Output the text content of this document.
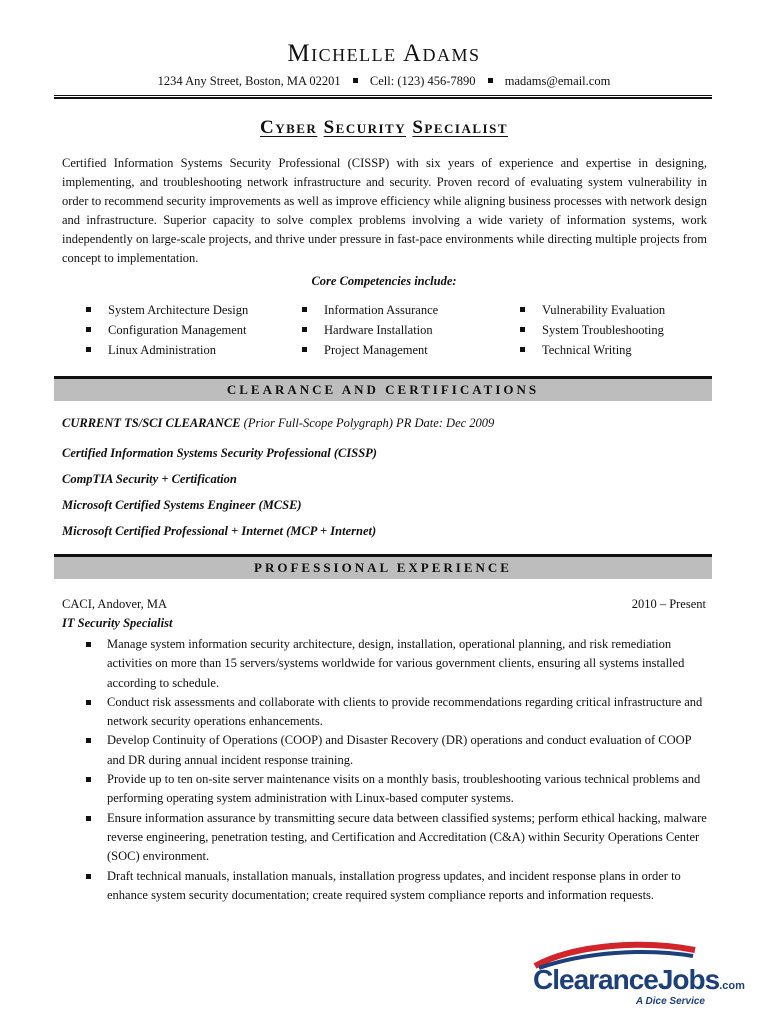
Michelle Adams
1234 Any Street, Boston, MA 02201 Cell: (123) 456-7890 madams@email.com
Cyber Security Specialist

Certified Information Systems Security Professional (CISSP) with six years of experience and expertise in designing, implementing, and troubleshooting network infrastructure and security. Proven record of evaluating system vulnerability in order to recommend security improvements as well as improve efficiency while aligning business processes with network design and infrastructure. Superior capacity to solve complex problems involving a wide variety of information systems, work independently on large-scale projects, and thrive under pressure in fast-pace environments while directing multiple projects from concept to implementation.

Core Competencies include:
System Architecture Design
Configuration Management
Linux Administration
Information Assurance
Hardware Installation
Project Management
Vulnerability Evaluation
System Troubleshooting
Technical Writing
CLEARANCE AND CERTIFICATIONS
CURRENT TS/SCI CLEARANCE (Prior Full-Scope Polygraph) PR Date: Dec 2009
Certified Information Systems Security Professional (CISSP)
CompTIA Security + Certification
Microsoft Certified Systems Engineer (MCSE)
Microsoft Certified Professional + Internet (MCP + Internet)
PROFESSIONAL EXPERIENCE
CACI, Andover, MA	2010 – Present
IT Security Specialist
Manage system information security architecture, design, installation, operational planning, and risk remediation activities on more than 15 servers/systems worldwide for various government clients, ensuring all systems installed according to schedule.
Conduct risk assessments and collaborate with clients to provide recommendations regarding critical infrastructure and network security operations enhancements.
Develop Continuity of Operations (COOP) and Disaster Recovery (DR) operations and conduct evaluation of COOP and DR during annual incident response training.
Provide up to ten on-site server maintenance visits on a monthly basis, troubleshooting various technical problems and performing operating system administration with Linux-based computer systems.
Ensure information assurance by transmitting secure data between classified systems; perform ethical hacking, malware reverse engineering, penetration testing, and Certification and Accreditation (C&A) within Security Operations Center (SOC) environment.
Draft technical manuals, installation manuals, installation progress updates, and incident response plans in order to enhance system security documentation; create required system compliance reports and information requests.
ClearanceJobs.com
A Dice Service
